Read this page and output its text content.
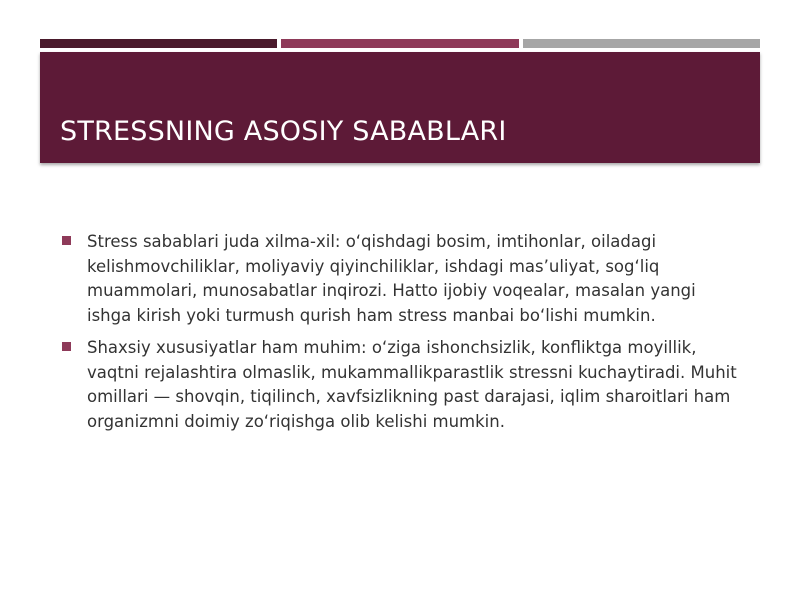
STRESSNING ASOSIY SABABLARI
Stress sabablari juda xilma-xil: o‘qishdagi bosim, imtihonlar, oiladagi kelishmovchiliklar, moliyaviy qiyinchiliklar, ishdagi mas’uliyat, sog‘liq muammolari, munosabatlar inqirozi. Hatto ijobiy voqealar, masalan yangi ishga kirish yoki turmush qurish ham stress manbai bo‘lishi mumkin.
Shaxsiy xususiyatlar ham muhim: o‘ziga ishonchsizlik, konfliktga moyillik, vaqtni rejalashtira olmaslik, mukammallikparastlik stressni kuchaytiradi. Muhit omillari — shovqin, tiqilinch, xavfsizlikning past darajasi, iqlim sharoitlari ham organizmni doimiy zo‘riqishga olib kelishi mumkin.
